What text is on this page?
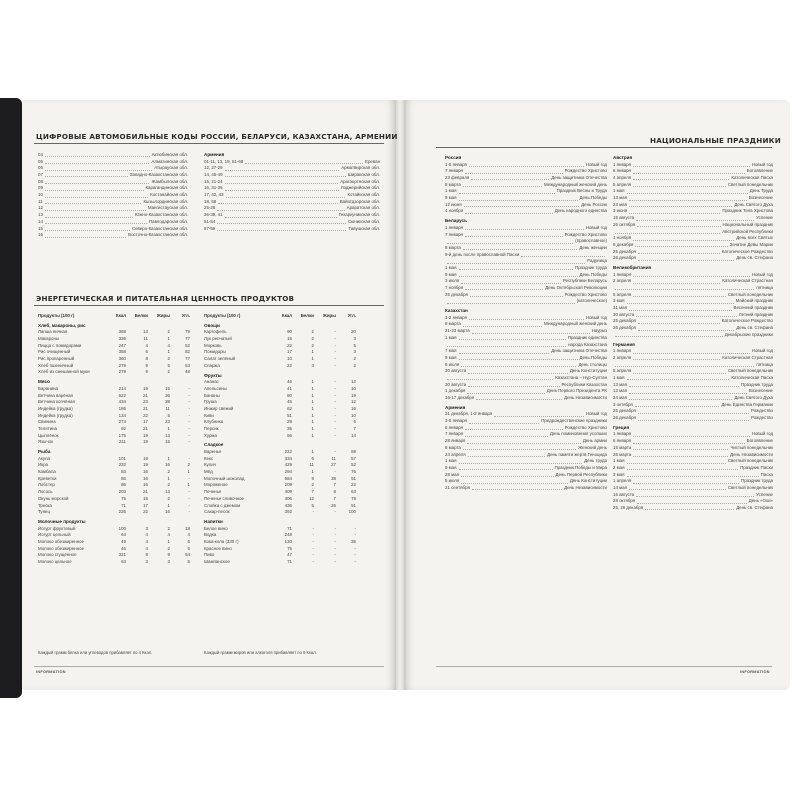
ЦИФРОВЫЕ АВТОМОБИЛЬНЫЕ КОДЫ РОССИИ, БЕЛАРУСИ, КАЗАХСТАНА, АРМЕНИИ
04	Актюбинская обл.
05	Алматинская обл.
06	Атырауская обл.
07	Западно-Казахстанская обл.
08	Жамбылская обл.
09	Карагандинская обл.
10	Костанайская обл.
11	Кызылординская обл.
12	Мангистауская обл.
13	Южно-Казахстанская обл.
14	Павлодарская обл.
15	Северо-Казахстанская обл.
16	Восточно-Казахстанская обл.
Армения
01-11, 13, 19, 61-68	Ереван
12, 27-29	Арматвирская обл.
14, 45-49	Ширакская обл.
15, 21-24	Арагацотнская обл.
16, 31-35	Лоджерийская обл.
17, 42, 43	Котайкская обл.
18, 58	Вайотдзорская обл.
25-26	Араратская обл.
36-39, 41	Гехаркуникская обл.
51-54	Сюникская обл.
57-59	Тавушская обл.
ЭНЕРГЕТИЧЕСКАЯ И ПИТАТЕЛЬНАЯ ЦЕННОСТЬ ПРОДУКТОВ
Продукты (100 г)	Ккал	Белки	Жиры	Угл.
Хлеб, макароны, рис
Лапша яичная	368	13	2	79
Макароны	336	11	1	77
Пицца с помидорами	247	4	4	52
Рис очищенный	358	6	1	82
Рис пропаренный	360	8	2	77
Хлеб пшеничный	279	9	5	53
Хлеб из смешанной муки	279	9	2	48
Мясо
Баранина	214	19	15	-
Ветчина варёная	622	21	36	-
Ветчина копчёная	434	23	38	-
Индейка (грудка)	186	21	11	-
Индейка (грудка)	134	22	5	-
Свинина	274	17	23	-
Телятина	92	21	1	-
Цыплёнок	175	19	13	-
Язычок	211	19	15	-
Рыба
Акула	101	19	1	-
Икра	232	19	16	2
Камбала	83	16	2	1
Креветки	86	16	1	-
Лобстер	86	16	2	1
Лосось	203	21	13	-
Окунь морской	75	15	2	-
Треска	71	17	1	-
Тунец	226	22	16	-
Молочные продукты
Йогурт фруктовый	100	3	2	18
Йогурт цельный	64	4	4	4
Молоко обезжиренное	49	4	1	6
Молоко обезжиренное	46	4	2	5
Молоко сгущённое	321	8	9	54
Молоко цельное	63	3	3	5
Продукты (100 г)	Ккал	Белки	Жиры	Угл.
Овощи
Картофель	90	2	-	20
Лук репчатый	15	2	-	3
Морковь	22	2	-	5
Помидоры	17	1	-	3
Салат зелёный	10	1	-	2
Спаржа	22	3	-	2
Фрукты
Ананас	46	1	-	12
Апельсины	41	1	-	10
Бананы	80	1	-	19
Груша	45	1	-	12
Инжир свежий	62	1	-	16
Киви	51	1	-	10
Клубника	29	1	-	6
Персик	35	1	-	7
Хурма	56	1	-	14
Сладкое
Варенье	222	1	-	59
Кекс	334	6	11	57
Кулич	429	11	27	52
Мёд	294	1	-	76
Молочный шоколад	584	9	38	51
Мороженое	209	2	7	22
Печенье	409	7	8	63
Печенье сливочное	406	12	7	78
Слойка с джемом	436	5	26	51
Сахар-песок	392	-	-	100
Напитки
Белое вино	71	-	-	-
Водка	248	-	-	-
Кока-кола (330 г)	130	-	-	35
Красное вино	75	-	-	-
Пиво	47	-	-	-
Шампанское	71	-	-	-
Каждый грамм белка или углеводов прибавляет по 4 Ккал.	Каждый грамм жиров или алкоголя прибавляет по 9 Ккал.
INFORMATION
НАЦИОНАЛЬНЫЕ ПРАЗДНИКИ
Россия
1-5 января	Новый год
7 января	Рождество Христово
23 февраля	День защитника Отечества
8 марта	Международный женский день
1 мая	Праздник Весны и Труда
9 мая	День Победы
12 июня	День России
4 ноября	День народного единства
Беларусь
1 января	Новый год
7 января	Рождество Христово
(православное)
8 марта	День женщин
9-й день после православной Пасхи
Радуница
1 мая	Праздник труда
9 мая	День Победы
3 июля	Республики Беларусь
7 ноября	День Октябрьской Революции
25 декабря	Рождество Христово
(католическое)
Казахстан
1-2 января	Новый год
8 марта	Международный женский день
21-23 марта	Наурыз
1 мая	Праздник единства
народа Казахстана
7 мая	День защитника Отечества
9 мая	День Победы
6 июля	День столицы
30 августа	День Конституции
Казахстана – Нур-Султан
30 августа	Республики Казахстан
1 декабря	День Первого Президента РК
16-17 декабря	День Независимости
Армения
31 декабря, 1-2 января	Новый год
3-5 января	Предрождественские праздники
6 января	Рождество Христово
7 января	День поминовения усопших
28 января	День армии
8 марта	Женский день
24 апреля	День памяти жертв Геноцида
1 мая	День труда
9 мая	Праздник Победы и Мира
28 мая	День Первой Республики
5 июля	День Конституции
21 сентября	День Независимости
Австрия
1 января	Новый год
6 января	Богоявление
4 апреля	Католическая Пасха
5 апреля	Светлый понедельник
1 мая	День Труда
13 мая	Вознесение
23 мая	День Святого Духа
3 июня	Праздник Тела Христова
15 августа	Успение
26 октября	Национальный праздник
Австрийской Республики
1 ноября	День всех Святых
8 декабря	Зачатие Девы Марии
25 декабря	Католическое Рождество
26 декабря	День св. Стефана
Великобритания
1 января	Новый год
2 апреля	Католическая Страстная
пятница
5 апреля	Светлый понедельник
3 мая	Майский праздник
31 мая	Весенний праздник
30 августа	Летний праздник
25 декабря	Католическое Рождество
26 декабря	День св. Стефана
Декабрьские праздники
Германия
1 января	Новый год
2 апреля	Католическая Страстная
пятница
5 апреля	Светлый понедельник
1 мая	Католическая Пасха
13 мая	Праздник труда
13 мая	Вознесение
24 мая	День Святого Духа
3 октября	День Единства Германии
25 декабря	Рождество
26 декабря	Рождество
Греция
1 января	Новый год
6 января	Богоявление
15 марта	Чистый понедельник
25 марта	День Независимости
1 мая	Светлый понедельник
2 мая	Праздник Пасхи
3 мая	Пасха
1 апреля	Праздник труда
14 мая	Светлый понедельник
15 августа	Успение
28 октября	День «Охи»
25, 26 декабря	День св. Стефана
INFORMATION
